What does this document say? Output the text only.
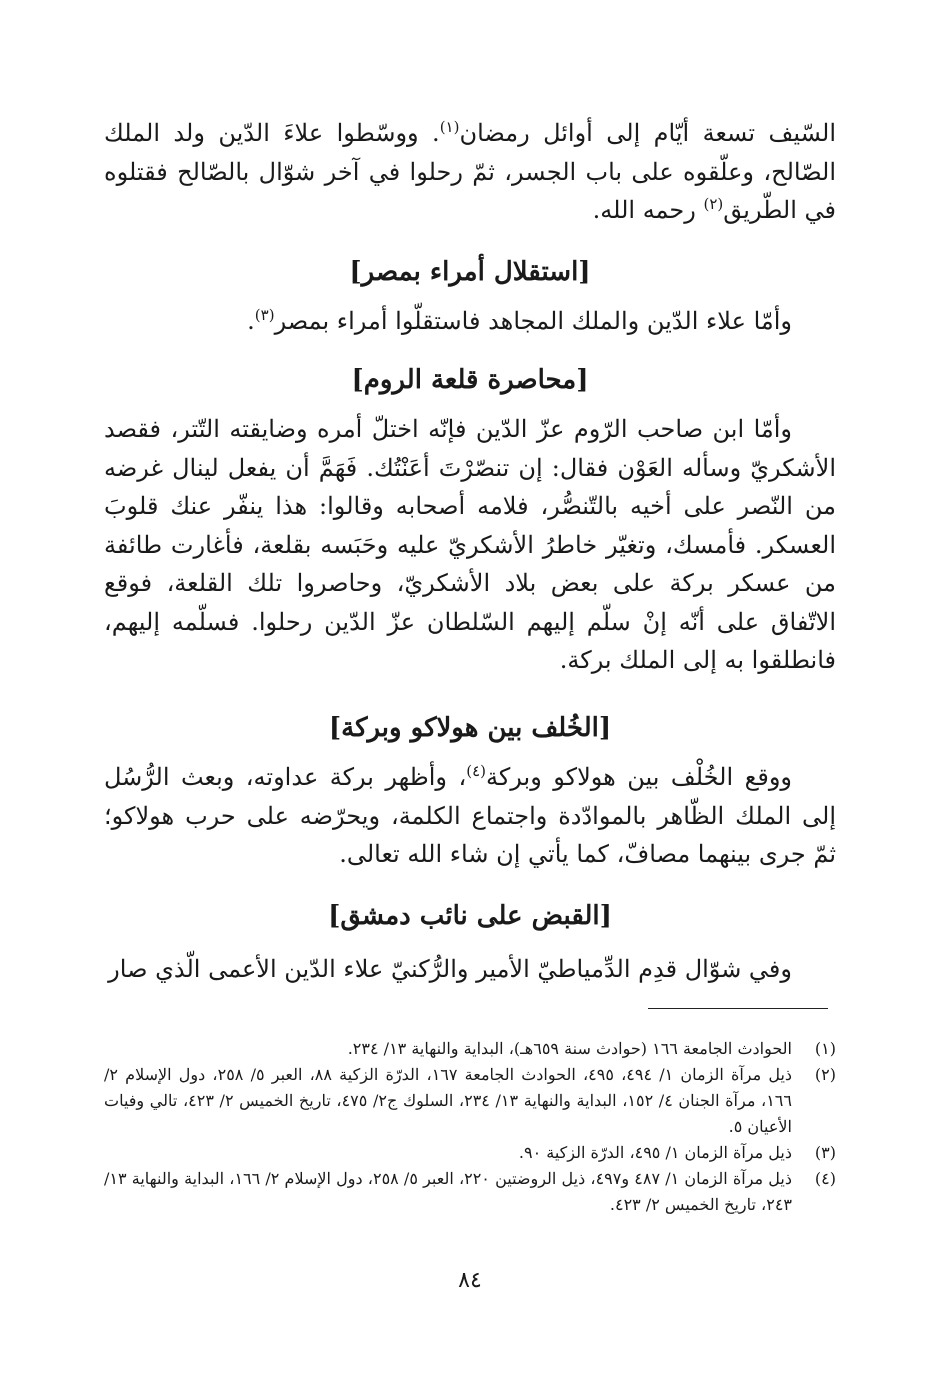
السّيف تسعة أيّام إلى أوائل رمضان$^{(١)}$. ووسّطوا علاءَ الدّين ولد الملك الصّالح، وعلّقوه على باب الجسر، ثمّ رحلوا في آخر شوّال بالصّالح فقتلوه في الطّريق$^{(٢)}$ رحمه الله.

[استقلال أمراء بمصر]

وأمّا علاء الدّين والملك المجاهد فاستقلّوا أمراء بمصر$^{(٣)}$.

[محاصرة قلعة الروم]

وأمّا ابن صاحب الرّوم عزّ الدّين فإنّه اختلّ أمره وضايقته التّتر، فقصد الأشكريّ وسأله العَوْن فقال: إن تنصّرْتَ أعَنْتُك. فَهَمَّ أن يفعل لينال غرضه من النّصر على أخيه بالتّنصُّر، فلامه أصحابه وقالوا: هذا ينفّر عنك قلوبَ العسكر. فأمسك، وتغيّر خاطرُ الأشكريّ عليه وحَبَسه بقلعة، فأغارت طائفة من عسكر بركة على بعض بلاد الأشكريّ، وحاصروا تلك القلعة، فوقع الاتّفاق على أنّه إنْ سلّم إليهم السّلطان عزّ الدّين رحلوا. فسلّمه إليهم، فانطلقوا به إلى الملك بركة.

[الخُلف بين هولاكو وبركة]

ووقع الخُلْف بين هولاكو وبركة$^{(٤)}$، وأظهر بركة عداوته، وبعث الرُّسُل إلى الملك الظّاهر بالموادّدة واجتماع الكلمة، ويحرّضه على حرب هولاكو؛ ثمّ جرى بينهما مصافّ، كما يأتي إن شاء الله تعالى.

[القبض على نائب دمشق]

وفي شوّال قدِم الدِّمياطيّ الأمير والرُّكنيّ علاء الدّين الأعمى الّذي صار

(١)
الحوادث الجامعة ١٦٦ (حوادث سنة ٦٥٩هـ)، البداية والنهاية ١٣/ ٢٣٤.
(٢)
ذيل مرآة الزمان ١/ ٤٩٤، ٤٩٥، الحوادث الجامعة ١٦٧، الدرّة الزكية ٨٨، العبر ٥/ ٢٥٨، دول الإسلام ٢/ ١٦٦، مرآة الجنان ٤/ ١٥٢، البداية والنهاية ١٣/ ٢٣٤، السلوك ج٢/ ٤٧٥، تاريخ الخميس ٢/ ٤٢٣، تالي وفيات الأعيان ٥.
(٣)
ذيل مرآة الزمان ١/ ٤٩٥، الدرّة الزكية ٩٠.
(٤)
ذيل مرآة الزمان ١/ ٤٨٧ و٤٩٧، ذيل الروضتين ٢٢٠، العبر ٥/ ٢٥٨، دول الإسلام ٢/ ١٦٦، البداية والنهاية ١٣/ ٢٤٣، تاريخ الخميس ٢/ ٤٢٣.
٨٤
